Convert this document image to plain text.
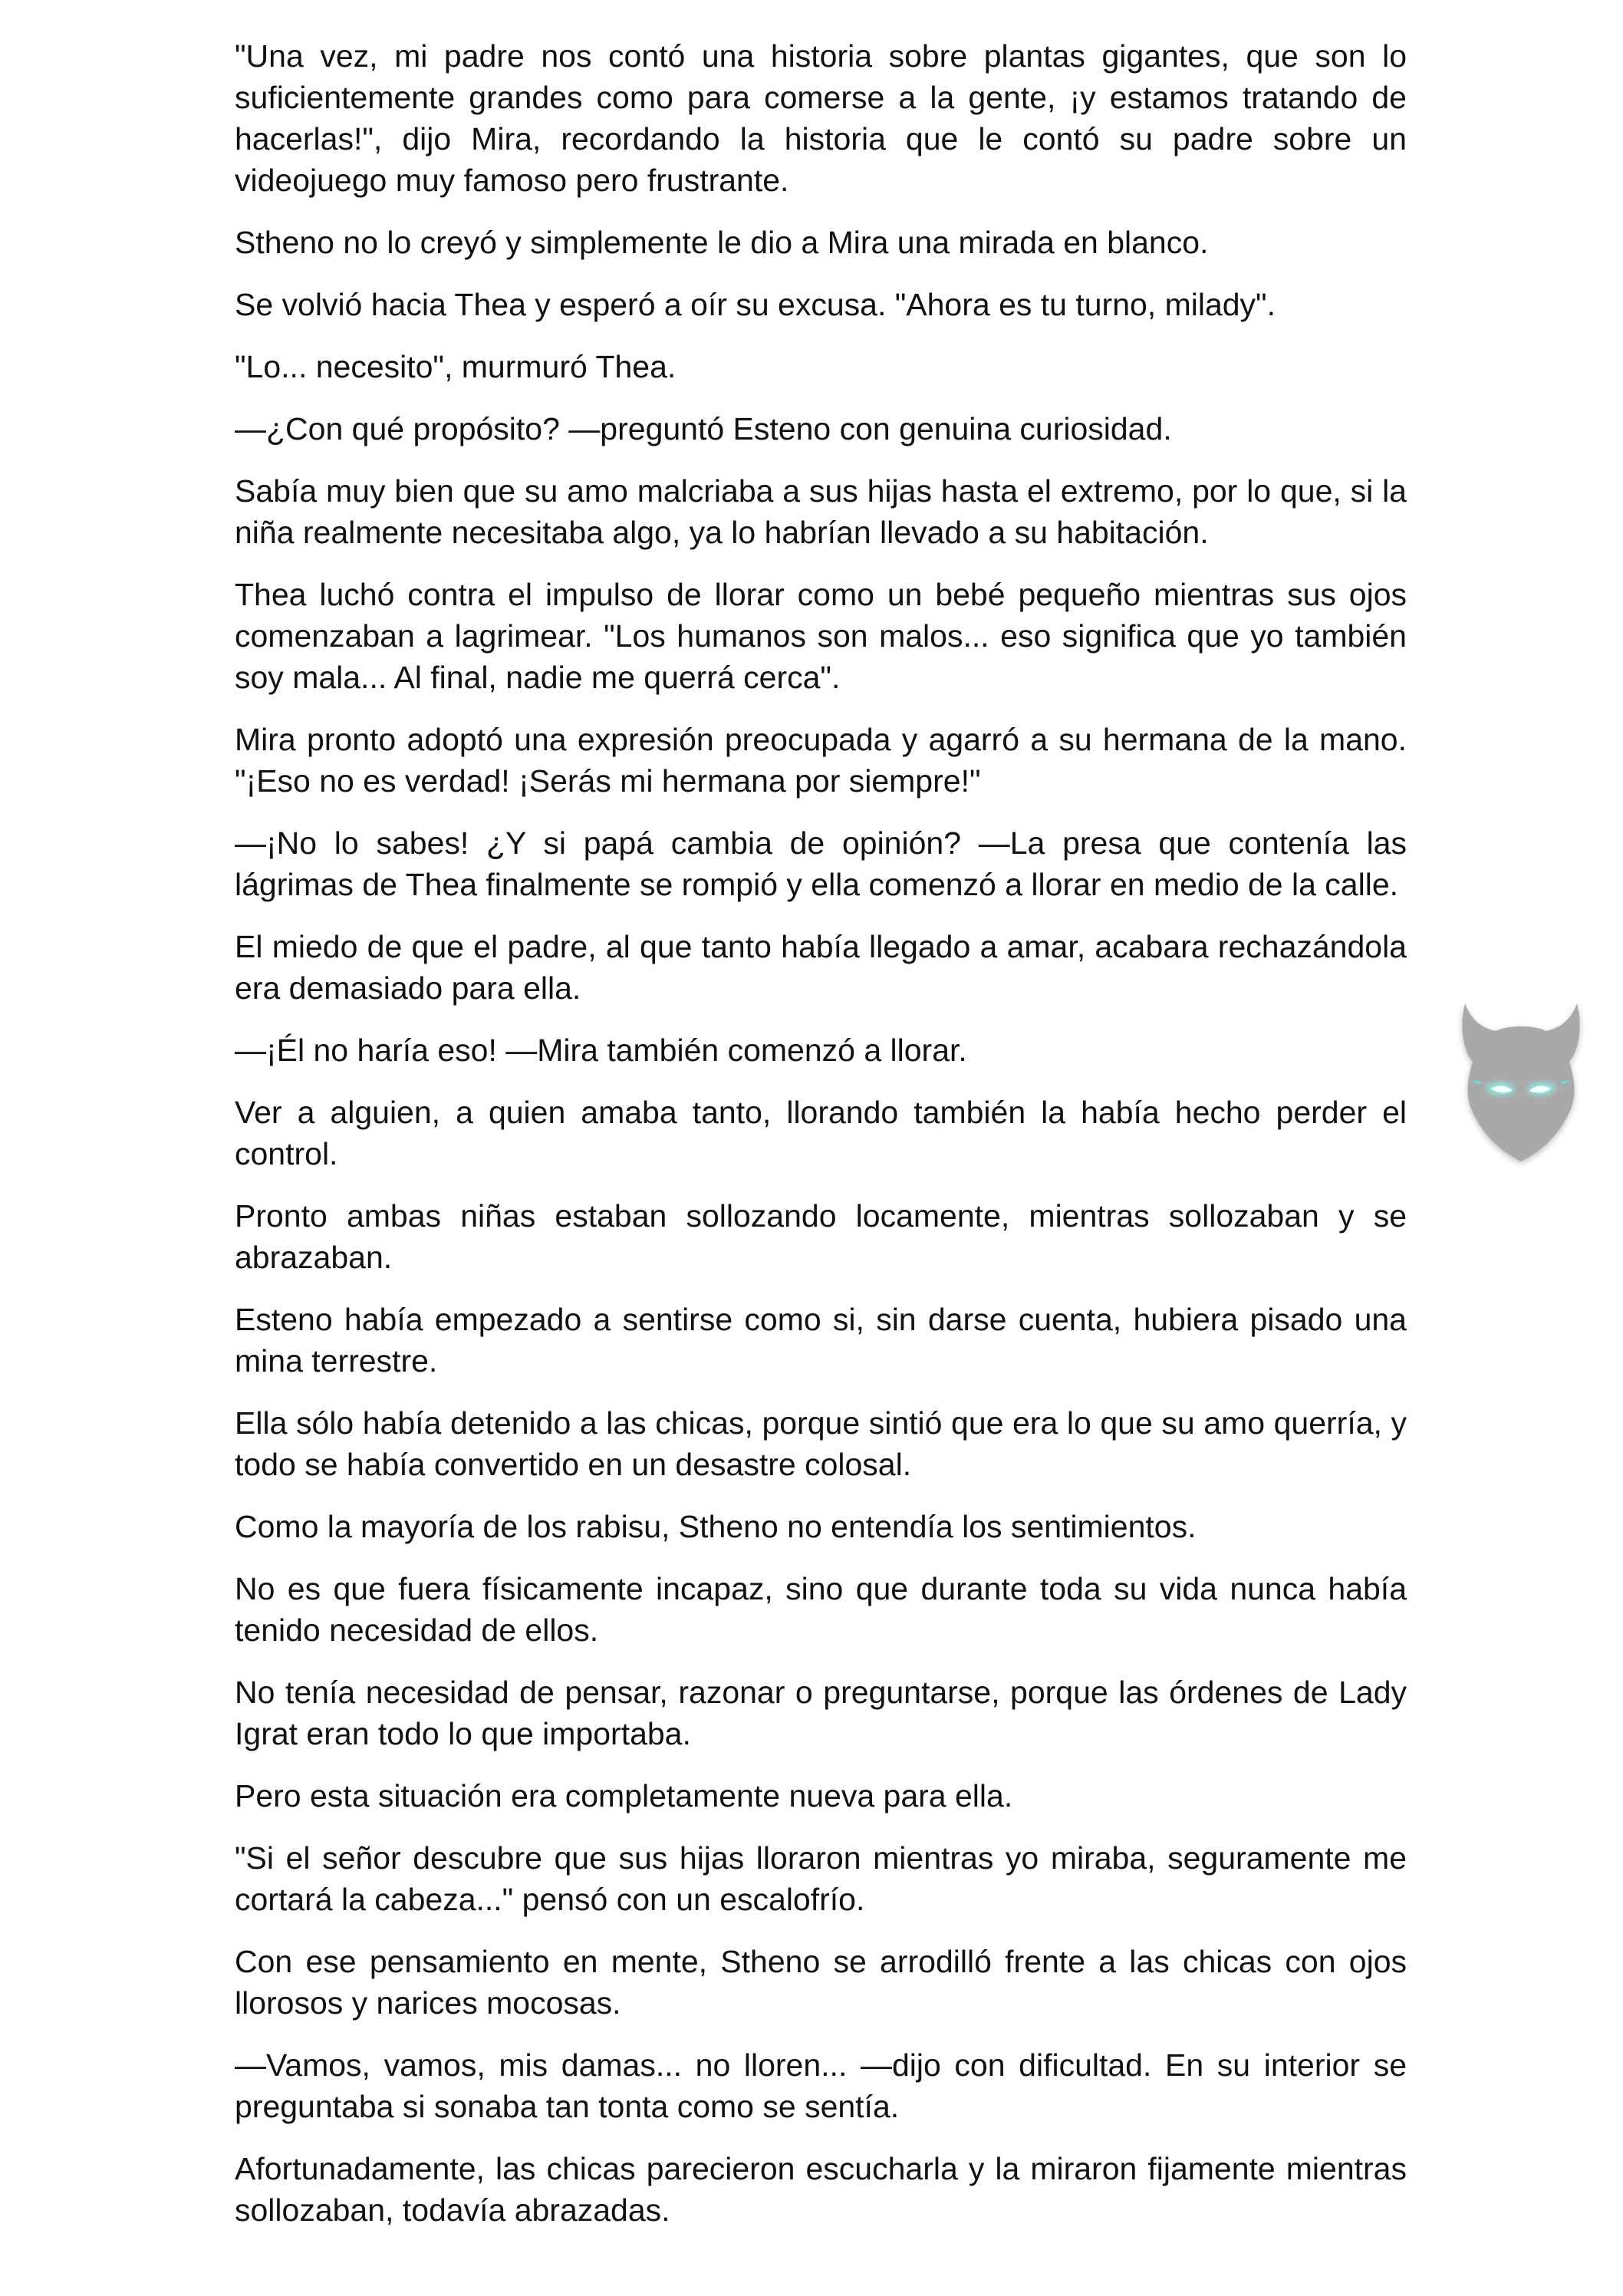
"Una vez, mi padre nos contó una historia sobre plantas gigantes, que son lo suficientemente grandes como para comerse a la gente, ¡y estamos tratando de hacerlas!", dijo Mira, recordando la historia que le contó su padre sobre un videojuego muy famoso pero frustrante.

Stheno no lo creyó y simplemente le dio a Mira una mirada en blanco.

Se volvió hacia Thea y esperó a oír su excusa. "Ahora es tu turno, milady".

"Lo... necesito", murmuró Thea.

—¿Con qué propósito? —preguntó Esteno con genuina curiosidad.

Sabía muy bien que su amo malcriaba a sus hijas hasta el extremo, por lo que, si la niña realmente necesitaba algo, ya lo habrían llevado a su habitación.

Thea luchó contra el impulso de llorar como un bebé pequeño mientras sus ojos comenzaban a lagrimear. "Los humanos son malos... eso significa que yo también soy mala... Al final, nadie me querrá cerca".

Mira pronto adoptó una expresión preocupada y agarró a su hermana de la mano. "¡Eso no es verdad! ¡Serás mi hermana por siempre!"

—¡No lo sabes! ¿Y si papá cambia de opinión? —La presa que contenía las lágrimas de Thea finalmente se rompió y ella comenzó a llorar en medio de la calle.

El miedo de que el padre, al que tanto había llegado a amar, acabara rechazándola era demasiado para ella.

—¡Él no haría eso! —Mira también comenzó a llorar.

Ver a alguien, a quien amaba tanto, llorando también la había hecho perder el control.

Pronto ambas niñas estaban sollozando locamente, mientras sollozaban y se abrazaban.

Esteno había empezado a sentirse como si, sin darse cuenta, hubiera pisado una mina terrestre.

Ella sólo había detenido a las chicas, porque sintió que era lo que su amo querría, y todo se había convertido en un desastre colosal.

Como la mayoría de los rabisu, Stheno no entendía los sentimientos.

No es que fuera físicamente incapaz, sino que durante toda su vida nunca había tenido necesidad de ellos.

No tenía necesidad de pensar, razonar o preguntarse, porque las órdenes de Lady Igrat eran todo lo que importaba.

Pero esta situación era completamente nueva para ella.

"Si el señor descubre que sus hijas lloraron mientras yo miraba, seguramente me cortará la cabeza..." pensó con un escalofrío.

Con ese pensamiento en mente, Stheno se arrodilló frente a las chicas con ojos llorosos y narices mocosas.

—Vamos, vamos, mis damas... no lloren... —dijo con dificultad. En su interior se preguntaba si sonaba tan tonta como se sentía.

Afortunadamente, las chicas parecieron escucharla y la miraron fijamente mientras sollozaban, todavía abrazadas.
